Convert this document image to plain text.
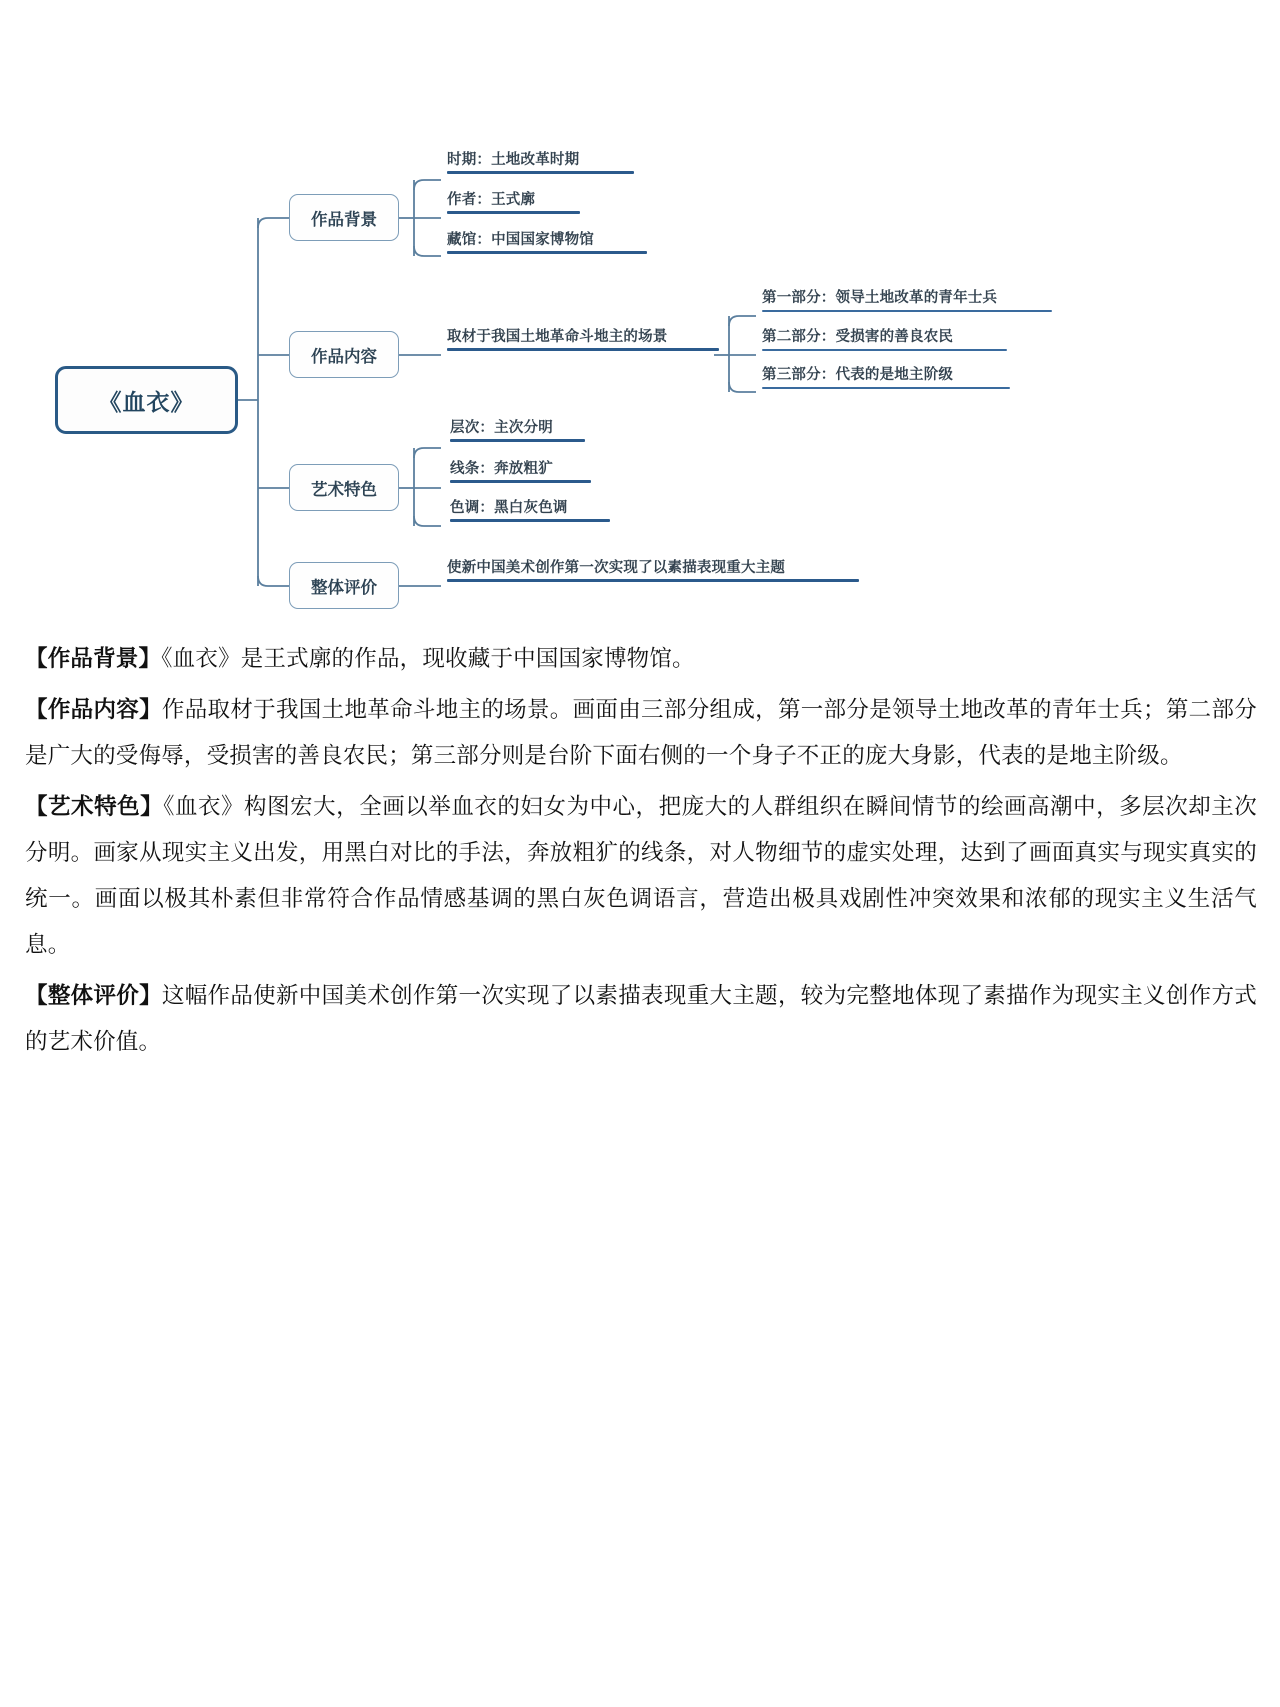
《血衣》
作品背景
时期：土地改革时期
作者：王式廓
藏馆：中国国家博物馆
作品内容
取材于我国土地革命斗地主的场景
第一部分：领导土地改革的青年士兵
第二部分：受损害的善良农民
第三部分：代表的是地主阶级
艺术特色
层次：主次分明
线条：奔放粗犷
色调：黑白灰色调
整体评价
使新中国美术创作第一次实现了以素描表现重大主题

【作品背景】《血衣》是王式廓的作品，现收藏于中国国家博物馆。

【作品内容】作品取材于我国土地革命斗地主的场景。画面由三部分组成，第一部分是领导土地改革的青年士兵；第二部分是广大的受侮辱，受损害的善良农民；第三部分则是台阶下面右侧的一个身子不正的庞大身影，代表的是地主阶级。

【艺术特色】《血衣》构图宏大，全画以举血衣的妇女为中心，把庞大的人群组织在瞬间情节的绘画高潮中，多层次却主次分明。画家从现实主义出发，用黑白对比的手法，奔放粗犷的线条，对人物细节的虚实处理，达到了画面真实与现实真实的统一。画面以极其朴素但非常符合作品情感基调的黑白灰色调语言，营造出极具戏剧性冲突效果和浓郁的现实主义生活气息。

【整体评价】这幅作品使新中国美术创作第一次实现了以素描表现重大主题，较为完整地体现了素描作为现实主义创作方式的艺术价值。
